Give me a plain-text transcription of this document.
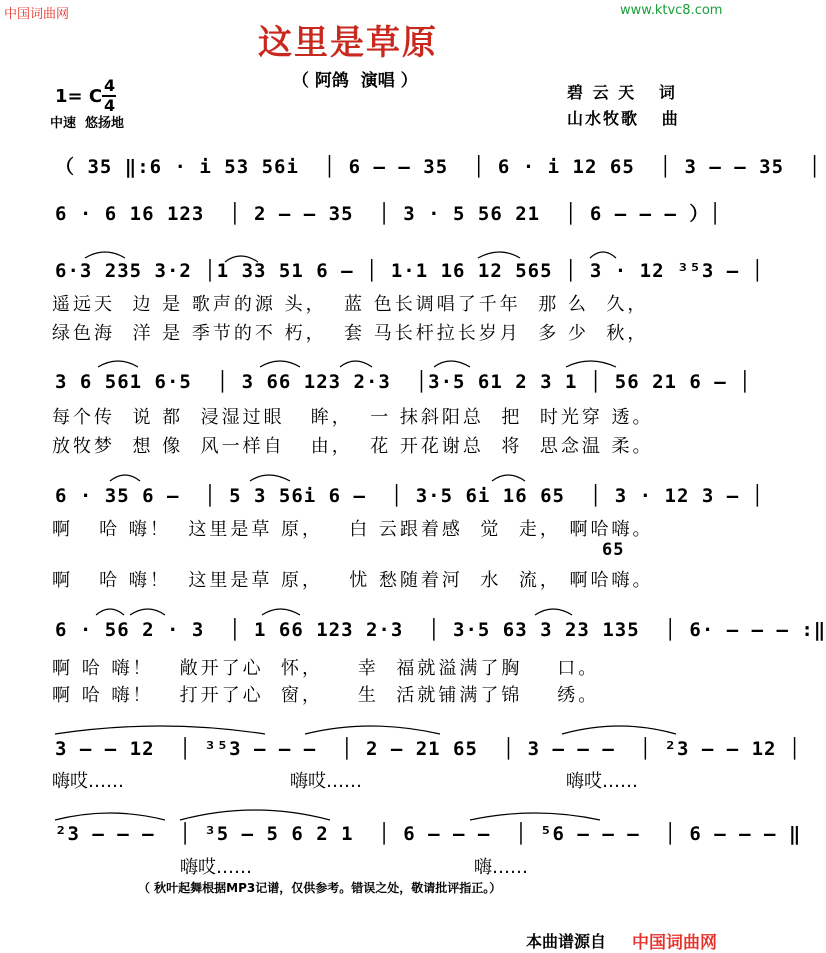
中国词曲网	www.ktvc8.com
这里是草原
（ 阿鸽  演唱 ）
1= C
4
4
中速  悠扬地
碧 云 天   词
山水牧歌   曲
（ 35 ‖:6 · i 53 56i  │ 6 – – 35  │ 6 · i 12 65  │ 3 – – 35  │
6 · 6 16 123  │ 2 – – 35  │ 3 · 5 56 21  │ 6 – – – ）│
6·3 235 3·2 │1 33 51 6 – │ 1·1 16 12 565 │ 3 · 12 ³⁵3 – │
遥远天  边 是 歌声的源 头，  蓝 色长调唱了千年  那 么  久，
绿色海  洋 是 季节的不 朽，  套 马长杆拉长岁月  多 少  秋，
3 6 561 6·5  │ 3 66 123 2·3  │3·5 61 2 3 1 │ 56 21 6 – │
每个传  说 都  浸湿过眼   眸，  一 抹斜阳总  把  时光穿 透。
放牧梦  想 像  风一样自   由，  花 开花谢总  将  思念温 柔。
6 · 35 6 –  │ 5 3 56i 6 –  │ 3·5 6i 16 65  │ 3 · 12 3 – │
啊   哈 嗨！  这里是草 原，   白 云跟着感  觉  走， 啊哈嗨。
65
啊   哈 嗨！  这里是草 原，   忧 愁随着河  水  流， 啊哈嗨。
6 · 56 2 · 3  │ 1 66 123 2·3  │ 3·5 63 3 23 135  │ 6· – – – :‖
啊 哈 嗨！   敞开了心  怀，    幸  福就溢满了胸    口。
啊 哈 嗨！   打开了心  窗，    生  活就铺满了锦    绣。
3 – – 12  │ ³⁵3 – – –  │ 2 – 21 65  │ 3 – – –  │ ²3 – – 12 │
嗨哎……	嗨哎……	嗨哎……
²3 – – –  │ ³5 – 5 6 2 1  │ 6 – – –  │ ⁵6 – – –  │ 6 – – – ‖
嗨哎……	嗨……
（ 秋叶起舞根据MP3记谱，仅供参考。错误之处，敬请批评指正。）
本曲谱源自 中国词曲网
